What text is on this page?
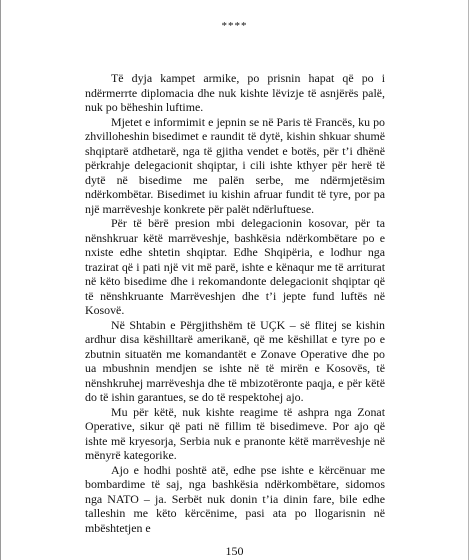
****

Të dyja kampet armike, po prisnin hapat që po i ndërmerrte diplomacia dhe nuk kishte lëvizje të asnjërës palë, nuk po bëheshin luftime.

Mjetet e informimit e jepnin se në Paris të Francës, ku po zhvilloheshin bisedimet e raundit të dytë, kishin shkuar shumë shqiptarë atdhetarë, nga të gjitha vendet e botës, për t’i dhënë përkrahje delegacionit shqiptar, i cili ishte kthyer për herë të dytë në bisedime me palën serbe, me ndërmjetësim ndërkombëtar. Bisedimet iu kishin afruar fundit të tyre, por pa një marrëveshje konkrete për palët ndërluftuese.

Për të bërë presion mbi delegacionin kosovar, për ta nënshkruar këtë marrëveshje, bashkësia ndërkombëtare po e nxiste edhe shtetin shqiptar. Edhe Shqipëria, e lodhur nga trazirat që i pati një vit më parë, ishte e kënaqur me të arriturat në këto bisedime dhe i rekomandonte delegacionit shqiptar që të nënshkruante Marrëveshjen dhe t’i jepte fund luftës në Kosovë.

Në Shtabin e Përgjithshëm të UÇK – së flitej se kishin ardhur disa këshilltarë amerikanë, që me këshillat e tyre po e zbutnin situatën me komandantët e Zonave Operative dhe po ua mbushnin mendjen se ishte në të mirën e Kosovës, të nënshkruhej marrëveshja dhe të mbizotëronte paqja, e për këtë do të ishin garantues, se do të respektohej ajo.

Mu për këtë, nuk kishte reagime të ashpra nga Zonat Operative, sikur që pati në fillim të bisedimeve. Por ajo që ishte më kryesorja, Serbia nuk e pranonte këtë marrëveshje në mënyrë kategorike.

Ajo e hodhi poshtë atë, edhe pse ishte e kërcënuar me bombardime të saj, nga bashkësia ndërkombëtare, sidomos nga NATO – ja. Serbët nuk donin t’ia dinin fare, bile edhe talleshin me këto kërcënime, pasi ata po llogarisnin në mbështetjen e

150
